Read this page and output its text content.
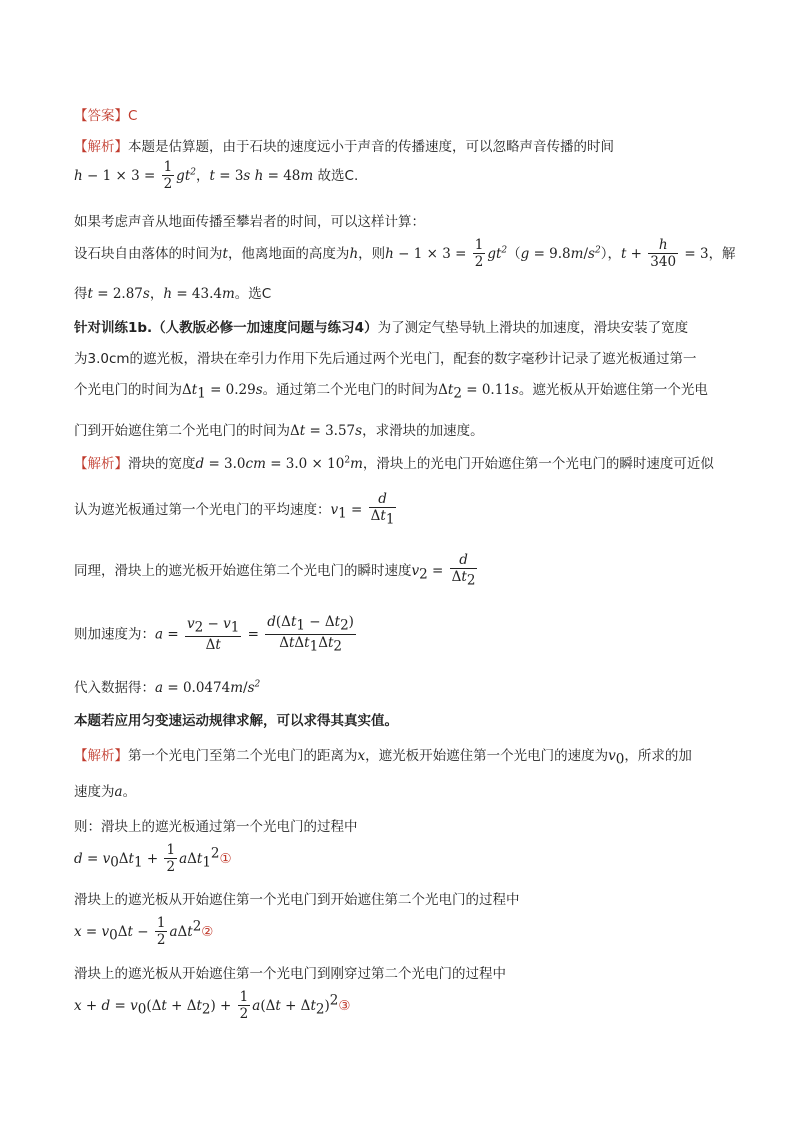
【答案】C
【解析】本题是估算题，由于石块的速度远小于声音的传播速度，可以忽略声音传播的时间
$h - 1 \times 3 = \frac{1}{2} gt^2$，t = 3s h = 48m 故选C.
如果考虑声音从地面传播至攀岩者的时间，可以这样计算：
设石块自由落体的时间为t，他离地面的高度为h，则$h - 1 \times 3 = \frac{1}{2} gt^2(g = 9.8m/s^2)$，$t + \frac{h}{340} = 3$，解
得t = 2.87s，h = 43.4m。选C
针对训练1b.（人教版必修一加速度问题与练习4）为了测定气垫导轨上滑块的加速度，滑块安装了宽度
为3.0cm的遮光板，滑块在牵引力作用下先后通过两个光电门，配套的数字毫秒计记录了遮光板通过第一
个光电门的时间为$\Delta t_1 = 0.29s$。通过第二个光电门的时间为$\Delta t_2 = 0.11s$。遮光板从开始遮住第一个光电
门到开始遮住第二个光电门的时间为Δt = 3.57s，求滑块的加速度。
【解析】滑块的宽度$d = 3.0cm = 3.0 \times 10^2m$，滑块上的光电门开始遮住第一个光电门的瞬时速度可近似
认为遮光板通过第一个光电门的平均速度：$v_1 = \frac{d}{\Delta t_1}$
同理，滑块上的遮光板开始遮住第二个光电门的瞬时速度$v_2 = \frac{d}{\Delta t_2}$
则加速度为：$a = \frac{v_2 - v_1}{\Delta t} = \frac{d(\Delta t_1 - \Delta t_2)}{\Delta t\Delta t_1\Delta t_2}$
代入数据得：$a = 0.0474m/s^2$
本题若应用匀变速运动规律求解，可以求得其真实值。
【解析】第一个光电门至第二个光电门的距离为x，遮光板开始遮住第一个光电门的速度为$v_0$，所求的加
速度为a。
则：滑块上的遮光板通过第一个光电门的过程中
$d = v_0\Delta t_1 + \frac{1}{2}$ aΔt$_1^2$①
滑块上的遮光板从开始遮住第一个光电门到开始遮住第二个光电门的过程中
$x = v_0\Delta t - \frac{1}{2}$ aΔt$^2$②
滑块上的遮光板从开始遮住第一个光电门到刚穿过第二个光电门的过程中
$x + d = v_0(\Delta t + \Delta t_2) + \frac{1}{2} a(\Delta t$ + $\Delta t_2)^2③$
